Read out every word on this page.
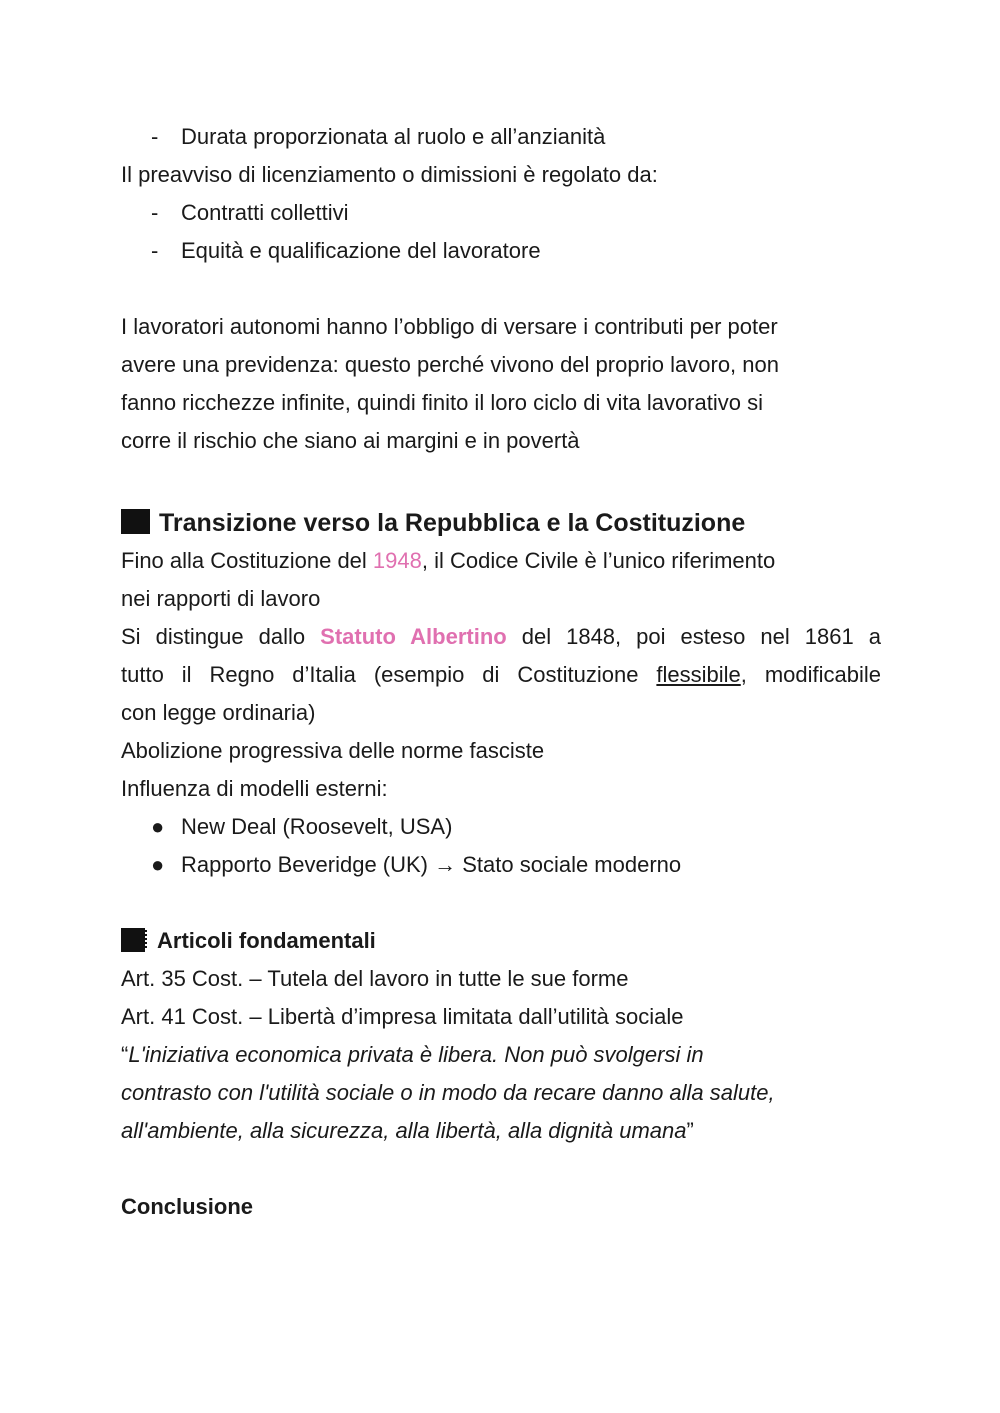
- Durata proporzionata al ruolo e all’anzianità

Il preavviso di licenziamento o dimissioni è regolato da:

- Contratti collettivi

- Equità e qualificazione del lavoratore

I lavoratori autonomi hanno l’obbligo di versare i contributi per poter

avere una previdenza: questo perché vivono del proprio lavoro, non

fanno ricchezze infinite, quindi finito il loro ciclo di vita lavorativo si

corre il rischio che siano ai margini e in povertà

Transizione verso la Repubblica e la Costituzione

Fino alla Costituzione del 1948, il Codice Civile è l’unico riferimento

nei rapporti di lavoro

Si distingue dallo Statuto Albertino del 1848, poi esteso nel 1861 a

tutto il Regno d’Italia (esempio di Costituzione flessibile, modificabile

con legge ordinaria)

Abolizione progressiva delle norme fasciste

Influenza di modelli esterni:

● New Deal (Roosevelt, USA)

● Rapporto Beveridge (UK) → Stato sociale moderno

Articoli fondamentali

Art. 35 Cost. – Tutela del lavoro in tutte le sue forme

Art. 41 Cost. – Libertà d’impresa limitata dall’utilità sociale

“L'iniziativa economica privata è libera. Non può svolgersi in

contrasto con l'utilità sociale o in modo da recare danno alla salute,

all'ambiente, alla sicurezza, alla libertà, alla dignità umana”

Conclusione
